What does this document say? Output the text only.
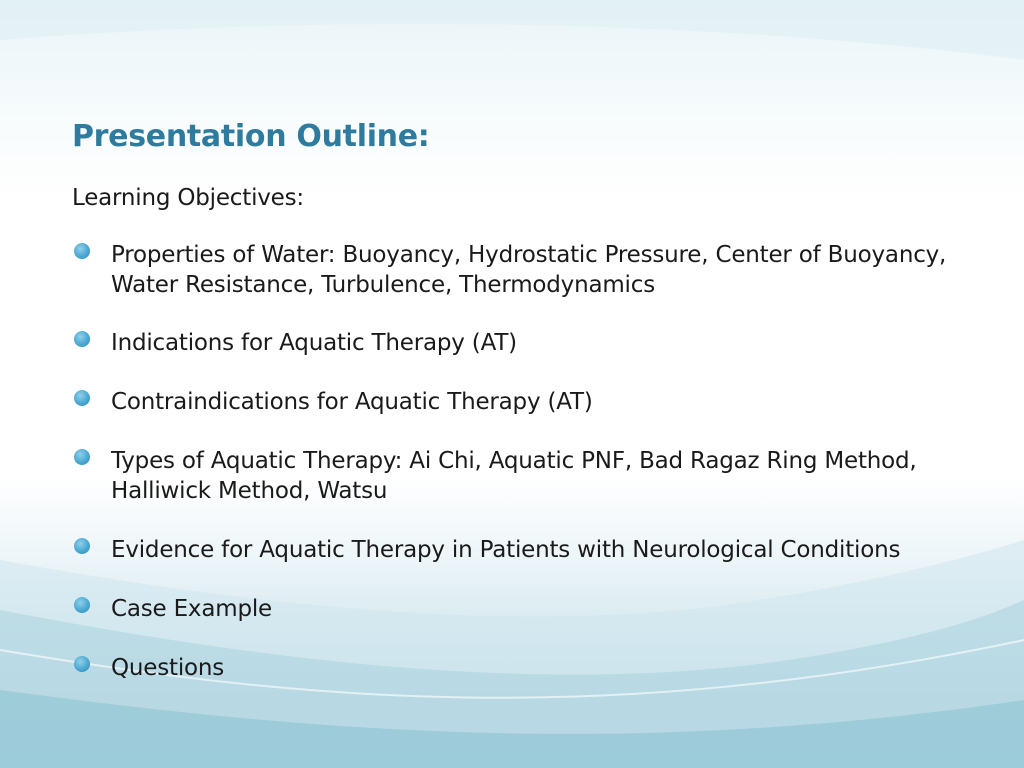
Presentation Outline:
Learning Objectives:
Properties of Water: Buoyancy, Hydrostatic Pressure, Center of Buoyancy, Water Resistance, Turbulence, Thermodynamics
Indications for Aquatic Therapy (AT)
Contraindications for Aquatic Therapy (AT)
Types of Aquatic Therapy: Ai Chi, Aquatic PNF, Bad Ragaz Ring Method, Halliwick Method, Watsu
Evidence for Aquatic Therapy in Patients with Neurological Conditions
Case Example
Questions
